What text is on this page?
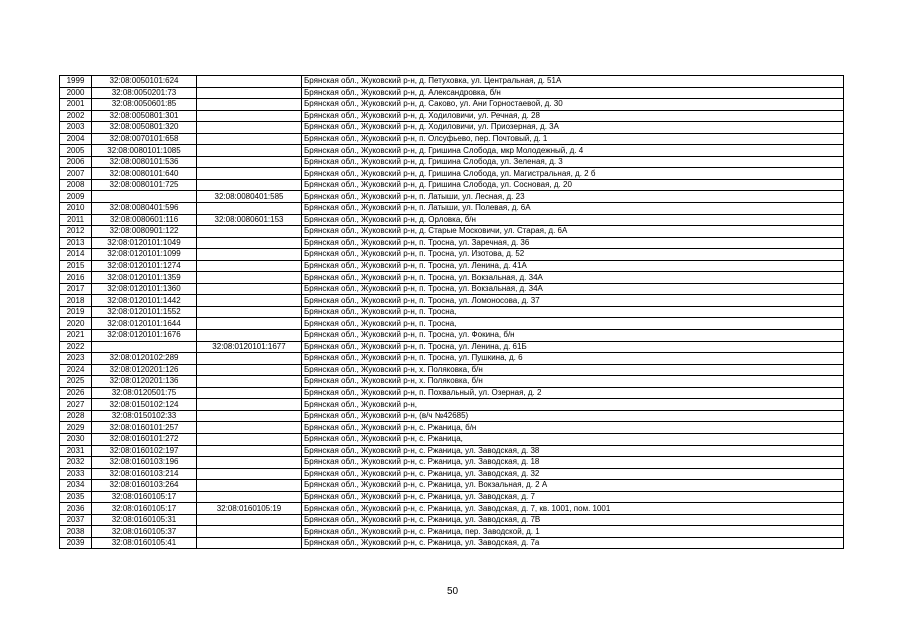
1999	32:08:0050101:624		Брянская обл., Жуковский р-н, д. Петуховка, ул. Центральная, д. 51А
2000	32:08:0050201:73		Брянская обл., Жуковский р-н, д. Александровка, б/н
2001	32:08:0050601:85		Брянская обл., Жуковский р-н, д. Саково, ул. Ани Горностаевой, д. 30
2002	32:08:0050801:301		Брянская обл., Жуковский р-н, д. Ходиловичи, ул. Речная, д. 28
2003	32:08:0050801:320		Брянская обл., Жуковский р-н, д. Ходиловичи, ул. Приозерная, д. 3А
2004	32:08:0070101:658		Брянская обл., Жуковский р-н, п. Олсуфьево, пер. Почтовый, д. 1
2005	32:08:0080101:1085		Брянская обл., Жуковский р-н, д. Гришина Слобода, мкр Молодежный, д. 4
2006	32:08:0080101:536		Брянская обл., Жуковский р-н, д. Гришина Слобода, ул. Зеленая, д. 3
2007	32:08:0080101:640		Брянская обл., Жуковский р-н, д. Гришина Слобода, ул. Магистральная, д. 2 б
2008	32:08:0080101:725		Брянская обл., Жуковский р-н, д. Гришина Слобода, ул. Сосновая, д. 20
2009		32:08:0080401:585	Брянская обл., Жуковский р-н, п. Латыши, ул. Лесная, д. 23
2010	32:08:0080401:596		Брянская обл., Жуковский р-н, п. Латыши, ул. Полевая, д. 6А
2011	32:08:0080601:116	32:08:0080601:153	Брянская обл., Жуковский р-н, д. Орловка, б/н
2012	32:08:0080901:122		Брянская обл., Жуковский р-н, д. Старые Московичи, ул. Старая, д. 6А
2013	32:08:0120101:1049		Брянская обл., Жуковский р-н, п. Тросна, ул. Заречная, д. 36
2014	32:08:0120101:1099		Брянская обл., Жуковский р-н, п. Тросна, ул. Изотова, д. 52
2015	32:08:0120101:1274		Брянская обл., Жуковский р-н, п. Тросна, ул. Ленина, д. 41А
2016	32:08:0120101:1359		Брянская обл., Жуковский р-н, п. Тросна, ул. Вокзальная, д. 34А
2017	32:08:0120101:1360		Брянская обл., Жуковский р-н, п. Тросна, ул. Вокзальная, д. 34А
2018	32:08:0120101:1442		Брянская обл., Жуковский р-н, п. Тросна, ул. Ломоносова, д. 37
2019	32:08:0120101:1552		Брянская обл., Жуковский р-н, п. Тросна,
2020	32:08:0120101:1644		Брянская обл., Жуковский р-н, п. Тросна,
2021	32:08:0120101:1676		Брянская обл., Жуковский р-н, п. Тросна, ул. Фокина, б/н
2022		32:08:0120101:1677	Брянская обл., Жуковский р-н, п. Тросна, ул. Ленина, д. 61Б
2023	32:08:0120102:289		Брянская обл., Жуковский р-н, п. Тросна, ул. Пушкина, д. 6
2024	32:08:0120201:126		Брянская обл., Жуковский р-н, х. Поляковка, б/н
2025	32:08:0120201:136		Брянская обл., Жуковский р-н, х. Поляковка, б/н
2026	32:08:0120501:75		Брянская обл., Жуковский р-н, п. Похвальный, ул. Озерная, д. 2
2027	32:08:0150102:124		Брянская обл., Жуковский р-н,
2028	32:08:0150102:33		Брянская обл., Жуковский р-н, (в/ч №42685)
2029	32:08:0160101:257		Брянская обл., Жуковский р-н, с. Ржаница, б/н
2030	32:08:0160101:272		Брянская обл., Жуковский р-н, с. Ржаница,
2031	32:08:0160102:197		Брянская обл., Жуковский р-н, с. Ржаница, ул. Заводская, д. 38
2032	32:08:0160103:196		Брянская обл., Жуковский р-н, с. Ржаница, ул. Заводская, д. 18
2033	32:08:0160103:214		Брянская обл., Жуковский р-н, с. Ржаница, ул. Заводская, д. 32
2034	32:08:0160103:264		Брянская обл., Жуковский р-н, с. Ржаница, ул. Вокзальная, д. 2 А
2035	32:08:0160105:17		Брянская обл., Жуковский р-н, с. Ржаница, ул. Заводская, д. 7
2036	32:08:0160105:17	32:08:0160105:19	Брянская обл., Жуковский р-н, с. Ржаница, ул. Заводская, д. 7, кв. 1001, пом. 1001
2037	32:08:0160105:31		Брянская обл., Жуковский р-н, с. Ржаница, ул. Заводская, д. 7В
2038	32:08:0160105:37		Брянская обл., Жуковский р-н, с. Ржаница, пер. Заводской, д. 1
2039	32:08:0160105:41		Брянская обл., Жуковский р-н, с. Ржаница, ул. Заводская, д. 7а
50
